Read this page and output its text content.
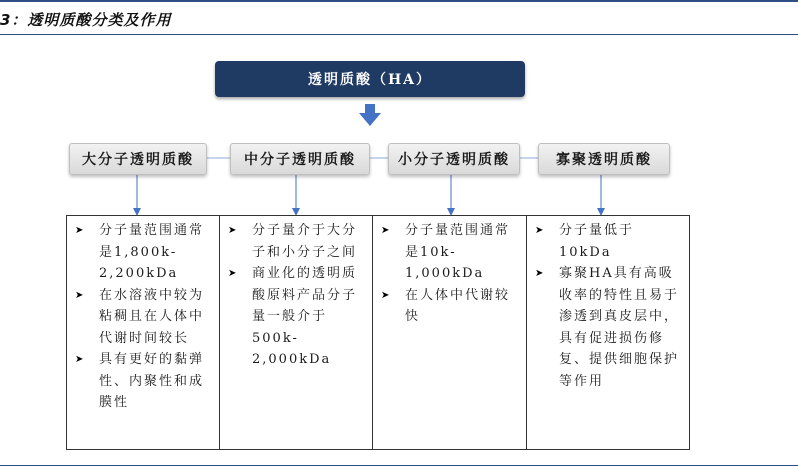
3：透明质酸分类及作用
透明质酸（HA）
大分子透明质酸	中分子透明质酸	小分子透明质酸	寡聚透明质酸
➤	分子量范围通常是1,800k-2,200kDa
➤	在水溶液中较为粘稠且在人体中代谢时间较长
➤	具有更好的黏弹性、内聚性和成膜性
➤	分子量介于大分子和小分子之间
➤	商业化的透明质酸原料产品分子量一般介于500k-2,000kDa
➤	分子量范围通常是10k-1,000kDa
➤	在人体中代谢较快
➤	分子量低于10kDa
➤	寡聚HA具有高吸收率的特性且易于渗透到真皮层中，具有促进损伤修复、提供细胞保护等作用
